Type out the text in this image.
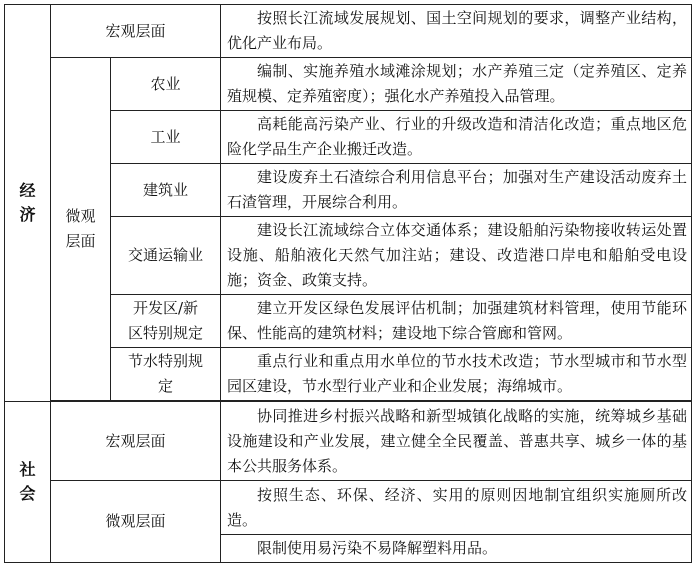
经
济	宏观层面		按照长江流域发展规划、国土空间规划的要求，调整产业结构，优化产业布局。

	微观
层面	农业	编制、实施养殖水域滩涂规划；水产养殖三定（定养殖区、定养殖规模、定养殖密度）；强化水产养殖投入品管理。

		工业	高耗能高污染产业、行业的升级改造和清洁化改造；重点地区危险化学品生产企业搬迁改造。

		建筑业	建设废弃土石渣综合利用信息平台；加强对生产建设活动废弃土石渣管理，开展综合利用。

		交通运输业	建设长江流域综合立体交通体系；建设船舶污染物接收转运处置设施、船舶液化天然气加注站；建设、改造港口岸电和船舶受电设施；资金、政策支持。

		开发区/新
区特别规定	建立开发区绿色发展评估机制；加强建筑材料管理，使用节能环保、性能高的建筑材料；建设地下综合管廊和管网。

		节水特别规
定	重点行业和重点用水单位的节水技术改造；节水型城市和节水型园区建设，节水型行业产业和企业发展；海绵城市。

社
会	宏观层面		协同推进乡村振兴战略和新型城镇化战略的实施，统筹城乡基础设施建设和产业发展，建立健全全民覆盖、普惠共享、城乡一体的基本公共服务体系。

	微观层面		按照生态、环保、经济、实用的原则因地制宜组织实施厕所改造。

			限制使用易污染不易降解塑料用品。
